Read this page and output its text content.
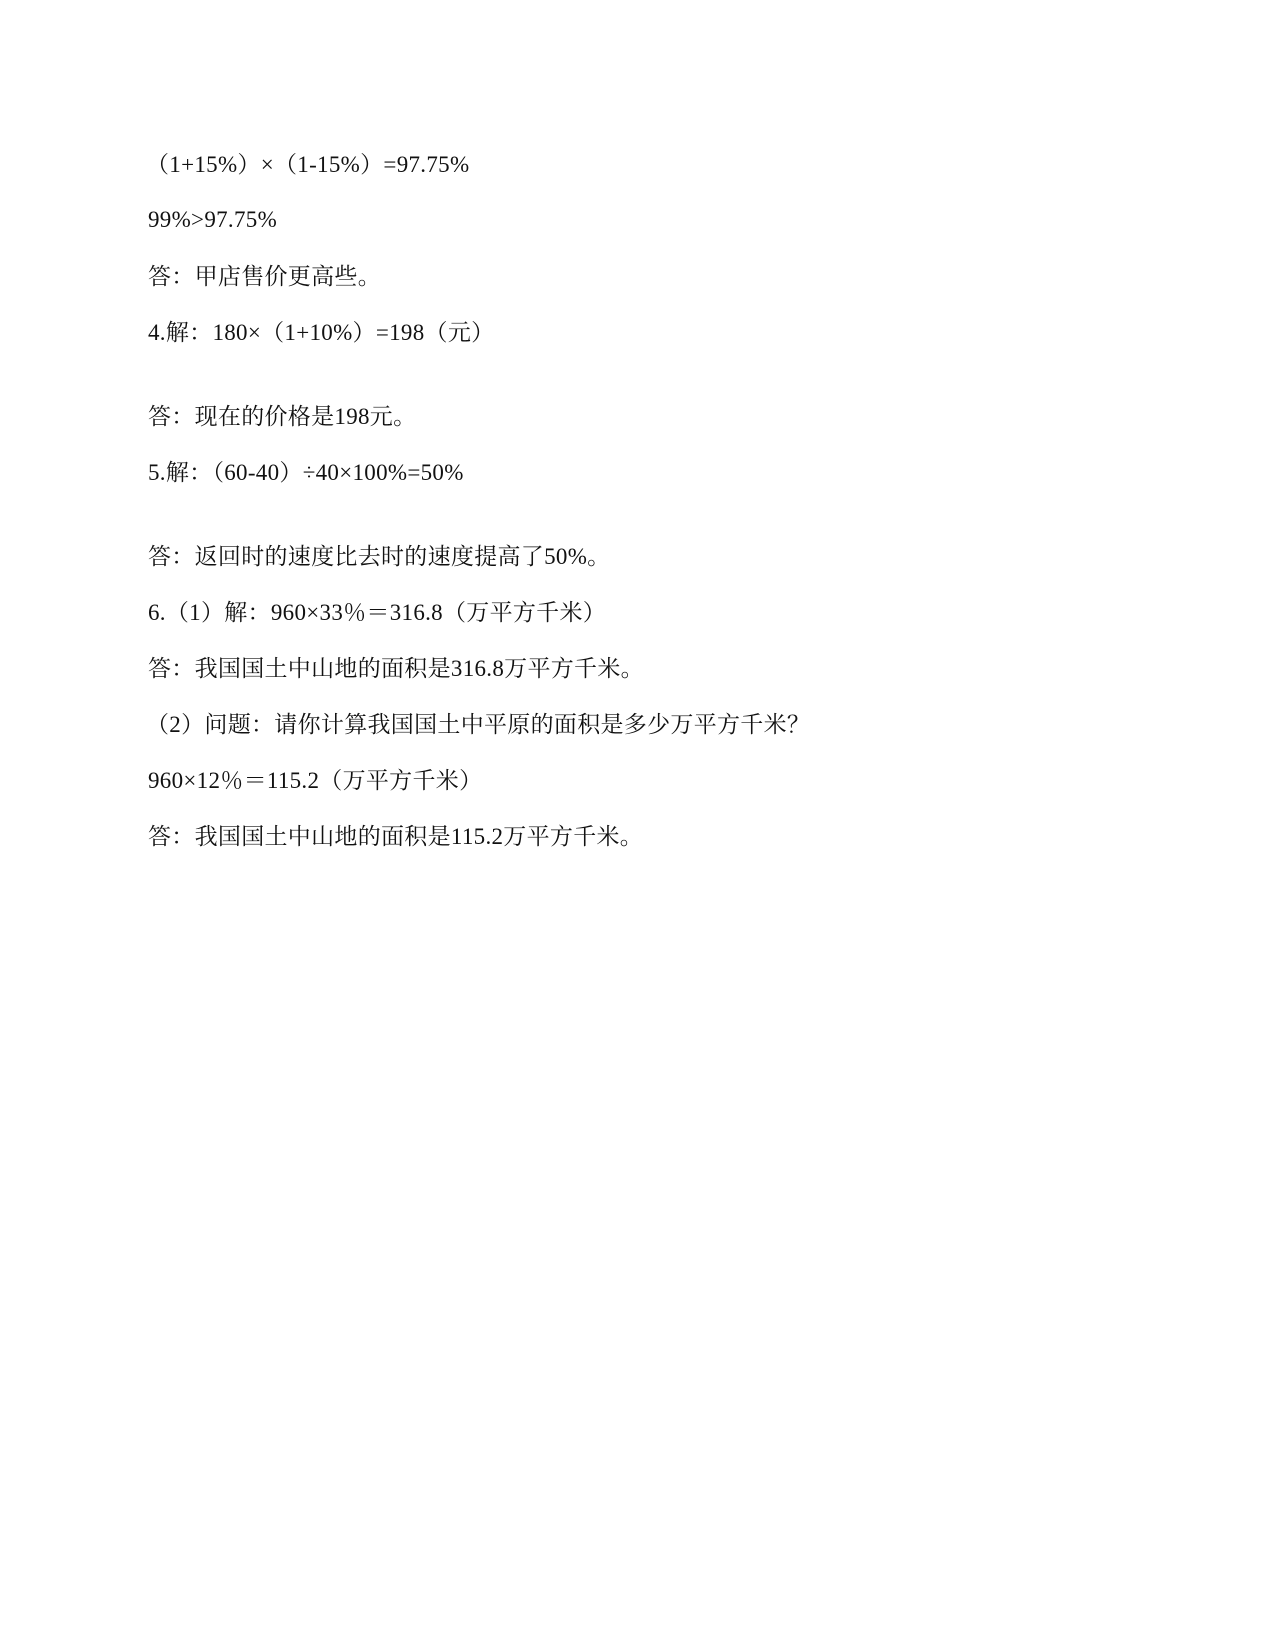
（1+15%）×（1-15%）=97.75%
99%>97.75%
答：甲店售价更高些。
4.解：180×（1+10%）=198（元）
答：现在的价格是198元。
5.解：（60-40）÷40×100%=50%
答：返回时的速度比去时的速度提高了50%。
6.（1）解：960×33％＝316.8（万平方千米）
答：我国国土中山地的面积是316.8万平方千米。
（2）问题：请你计算我国国土中平原的面积是多少万平方千米？
960×12％＝115.2（万平方千米）
答：我国国土中山地的面积是115.2万平方千米。
